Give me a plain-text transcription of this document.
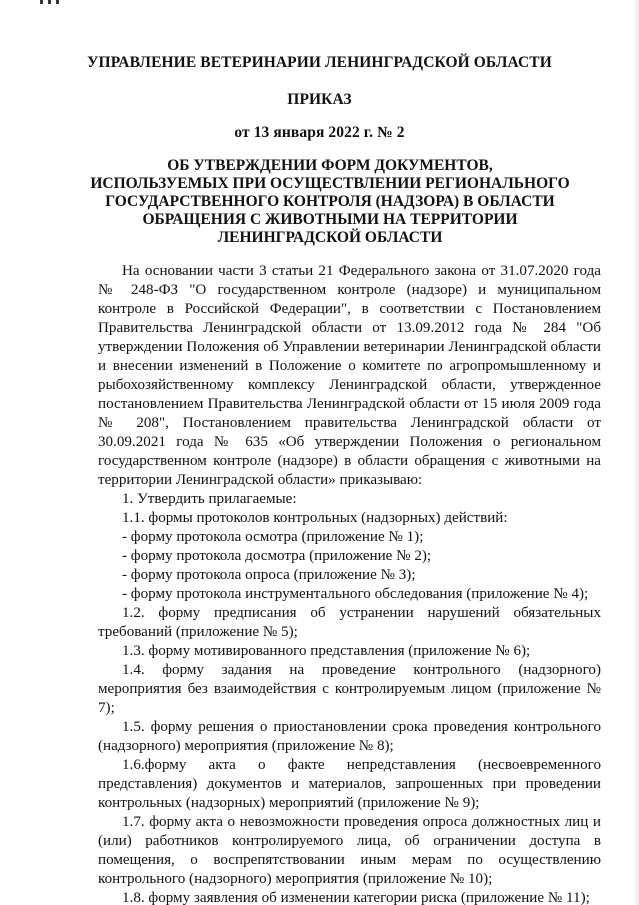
УПРАВЛЕНИЕ ВЕТЕРИНАРИИ ЛЕНИНГРАДСКОЙ ОБЛАСТИ

ПРИКАЗ

от 13 января 2022 г. № 2

ОБ УТВЕРЖДЕНИИ ФОРМ ДОКУМЕНТОВ,
ИСПОЛЬЗУЕМЫХ ПРИ ОСУЩЕСТВЛЕНИИ РЕГИОНАЛЬНОГО
ГОСУДАРСТВЕННОГО КОНТРОЛЯ (НАДЗОРА) В ОБЛАСТИ
ОБРАЩЕНИЯ С ЖИВОТНЫМИ НА ТЕРРИТОРИИ
ЛЕНИНГРАДСКОЙ ОБЛАСТИ

На основании части 3 статьи 21 Федерального закона от 31.07.2020 года № 248-ФЗ "О государственном контроле (надзоре) и муниципальном контроле в Российской Федерации", в соответствии с Постановлением Правительства Ленинградской области от 13.09.2012 года № 284 "Об утверждении Положения об Управлении ветеринарии Ленинградской области и внесении изменений в Положение о комитете по агропромышленному и рыбохозяйственному комплексу Ленинградской области, утвержденное постановлением Правительства Ленинградской области от 15 июля 2009 года № 208", Постановлением правительства Ленинградской области от 30.09.2021 года № 635 «Об утверждении Положения о региональном государственном контроле (надзоре) в области обращения с животными на территории Ленинградской области» приказываю:

1. Утвердить прилагаемые:

1.1. формы протоколов контрольных (надзорных) действий:

- форму протокола осмотра (приложение № 1);

- форму протокола досмотра (приложение № 2);

- форму протокола опроса (приложение № 3);

- форму протокола инструментального обследования (приложение № 4);

1.2. форму предписания об устранении нарушений обязательных требований (приложение № 5);

1.3. форму мотивированного представления (приложение № 6);

1.4. форму задания на проведение контрольного (надзорного) мероприятия без взаимодействия с контролируемым лицом (приложение № 7);

1.5. форму решения о приостановлении срока проведения контрольного (надзорного) мероприятия (приложение № 8);

1.6.форму акта о факте непредставления (несвоевременного представления) документов и материалов, запрошенных при проведении контрольных (надзорных) мероприятий (приложение № 9);

1.7. форму акта о невозможности проведения опроса должностных лиц и (или) работников контролируемого лица, об ограничении доступа в помещения, о воспрепятствовании иным мерам по осуществлению контрольного (надзорного) мероприятия (приложение № 10);

1.8. форму заявления об изменении категории риска (приложение № 11);
